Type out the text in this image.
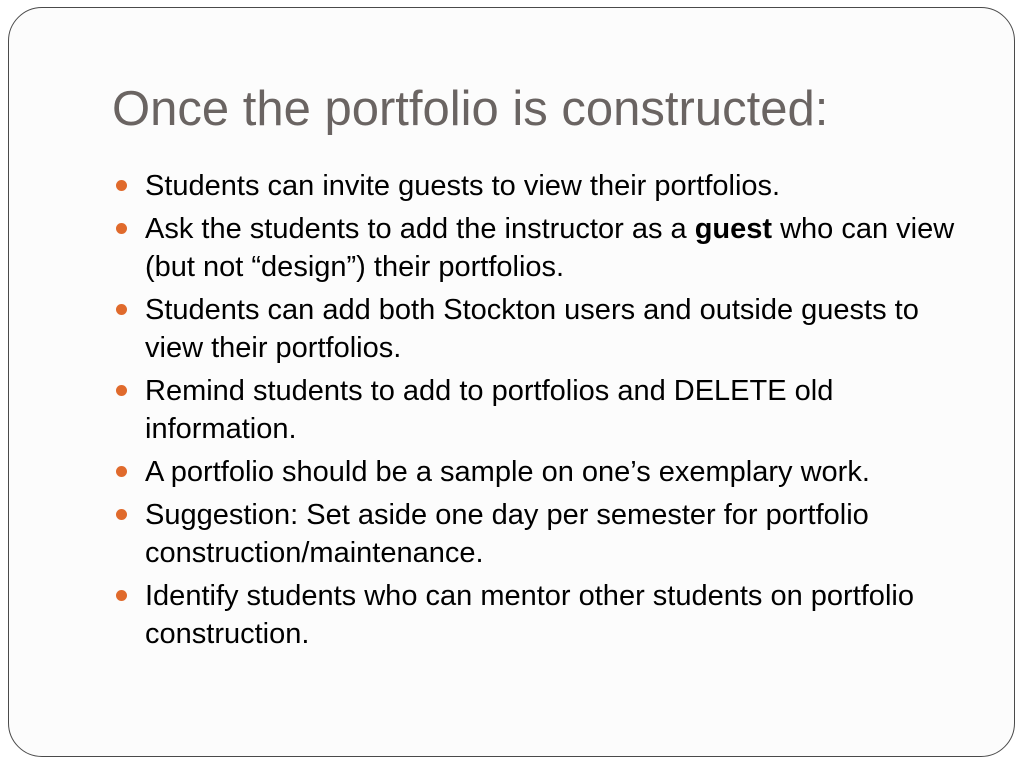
Once the portfolio is constructed:
Students can invite guests to view their portfolios.
Ask the students to add the instructor as a guest who can view (but not “design”) their portfolios.
Students can add both Stockton users and outside guests to view their portfolios.
Remind students to add to portfolios and DELETE old information.
A portfolio should be a sample on one’s exemplary work.
Suggestion: Set aside one day per semester for portfolio construction/maintenance.
Identify students who can mentor other students on portfolio construction.
